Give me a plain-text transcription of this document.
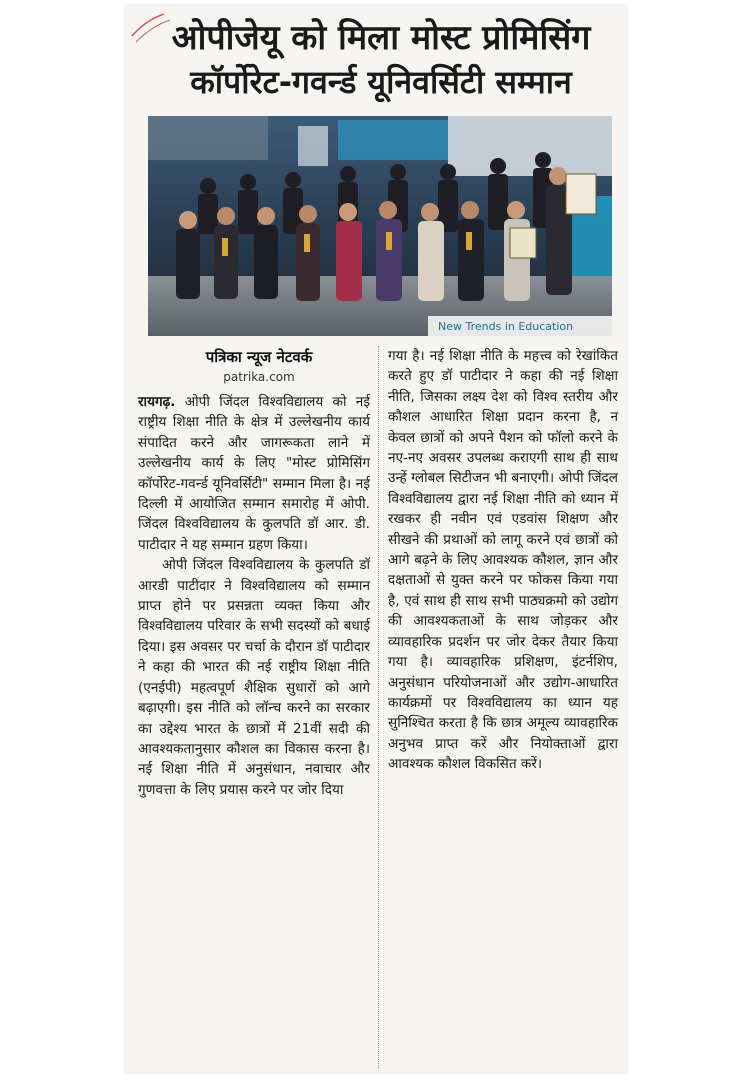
ओपीजेयू को मिला मोस्ट प्रोमिसिंग
कॉर्पोरेट-गवर्न्ड यूनिवर्सिटी सम्मान
New Trends in Education
पत्रिका न्यूज नेटवर्क
patrika.com

रायगढ़. ओपी जिंदल विश्वविद्यालय को नई राष्ट्रीय शिक्षा नीति के क्षेत्र में उल्लेखनीय कार्य संपादित करने और जागरूकता लाने में उल्लेखनीय कार्य के लिए "मोस्ट प्रोमिसिंग कॉर्पोरेट-गवर्न्ड यूनिवर्सिटी" सम्मान मिला है। नई दिल्ली में आयोजित सम्मान समारोह में ओपी. जिंदल विश्वविद्यालय के कुलपति डॉ आर. डी. पाटीदार ने यह सम्मान ग्रहण किया।

ओपी जिंदल विश्वविद्यालय के कुलपति डॉ आरडी पाटीदार ने विश्वविद्यालय को सम्मान प्राप्त होने पर प्रसन्नता व्यक्त किया और विश्वविद्यालय परिवार के सभी सदस्यों को बधाई दिया। इस अवसर पर चर्चा के दौरान डॉ पाटीदार ने कहा की भारत की नई राष्ट्रीय शिक्षा नीति (एनईपी) महत्वपूर्ण शैक्षिक सुधारों को आगे बढ़ाएगी। इस नीति को लॉन्च करने का सरकार का उद्देश्य भारत के छात्रों में 21वीं सदी की आवश्यकतानुसार कौशल का विकास करना है। नई शिक्षा नीति में अनुसंधान, नवाचार और गुणवत्ता के लिए प्रयास करने पर जोर दिया

गया है। नई शिक्षा नीति के महत्त्व को रेखांकित करते हुए डॉ पाटीदार ने कहा की नई शिक्षा नीति, जिसका लक्ष्य देश को विश्व स्तरीय और कौशल आधारित शिक्षा प्रदान करना है, न केवल छात्रों को अपने पैशन को फॉलो करने के नए-नए अवसर उपलब्ध कराएगी साथ ही साथ उन्हें ग्लोबल सिटीजन भी बनाएगी। ओपी जिंदल विश्वविद्यालय द्वारा नई शिक्षा नीति को ध्यान में रखकर ही नवीन एवं एडवांस शिक्षण और सीखने की प्रथाओं को लागू करने एवं छात्रों को आगे बढ़ने के लिए आवश्यक कौशल, ज्ञान और दक्षताओं से युक्त करने पर फोकस किया गया है, एवं साथ ही साथ सभी पाठ्यक्रमो को उद्योग की आवश्यकताओं के साथ जोड़कर और व्यावहारिक प्रदर्शन पर जोर देकर तैयार किया गया है। व्यावहारिक प्रशिक्षण, इंटर्नशिप, अनुसंधान परियोजनाओं और उद्योग-आधारित कार्यक्रमों पर विश्वविद्यालय का ध्यान यह सुनिश्चित करता है कि छात्र अमूल्य व्यावहारिक अनुभव प्राप्त करें और नियोक्ताओं द्वारा आवश्यक कौशल विकसित करें।
